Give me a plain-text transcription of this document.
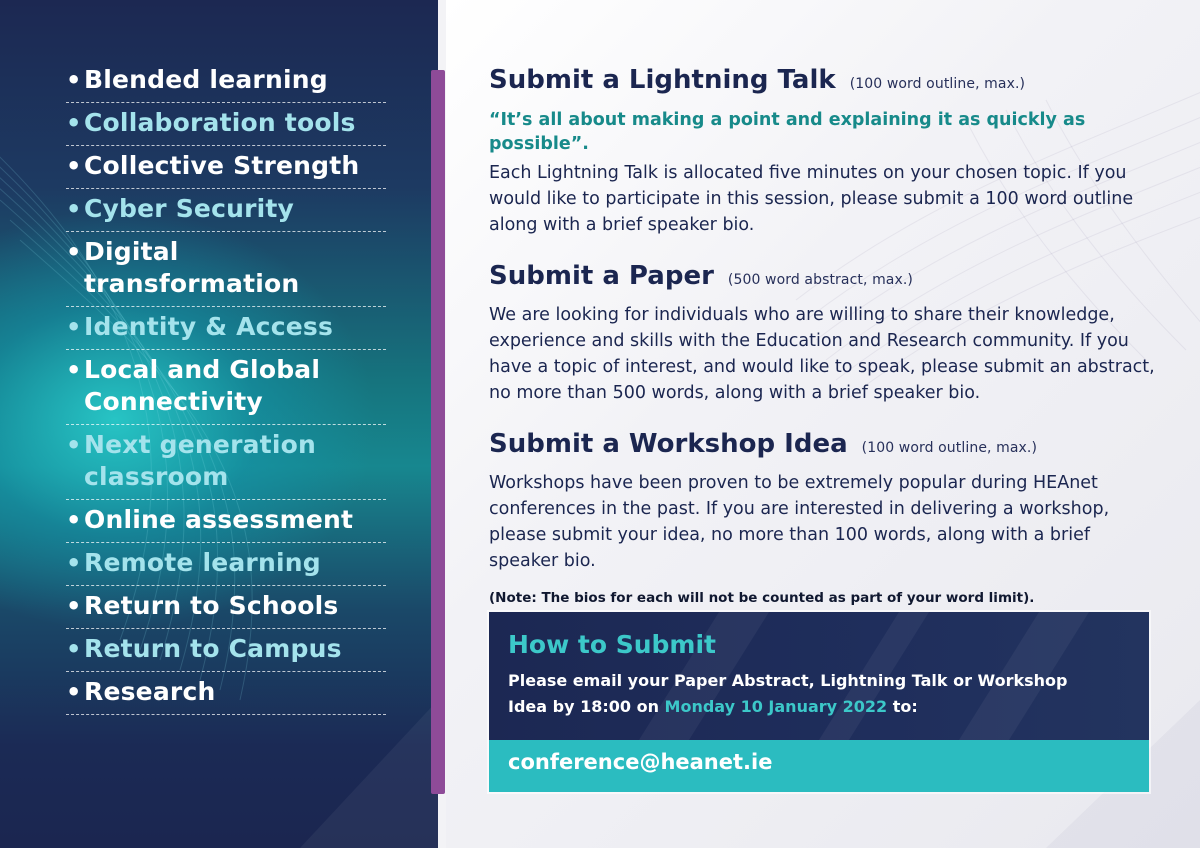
• Blended learning
• Collaboration tools
• Collective Strength
• Cyber Security
• Digital transformation
• Identity & Access
• Local and Global Connectivity
• Next generation classroom
• Online assessment
• Remote learning
• Return to Schools
• Return to Campus
• Research
Submit a Lightning Talk (100 word outline, max.)

“It’s all about making a point and explaining it as quickly as possible”.

Each Lightning Talk is allocated five minutes on your chosen topic. If you would like to participate in this session, please submit a 100 word outline along with a brief speaker bio.

Submit a Paper (500 word abstract, max.)

We are looking for individuals who are willing to share their knowledge, experience and skills with the Education and Research community. If you have a topic of interest, and would like to speak, please submit an abstract, no more than 500 words, along with a brief speaker bio.

Submit a Workshop Idea (100 word outline, max.)

Workshops have been proven to be extremely popular during HEAnet conferences in the past. If you are interested in delivering a workshop, please submit your idea, no more than 100 words, along with a brief speaker bio.

(Note: The bios for each will not be counted as part of your word limit).
How to Submit
Please email your Paper Abstract, Lightning Talk or Workshop Idea by 18:00 on Monday 10 January 2022 to:
conference@heanet.ie
